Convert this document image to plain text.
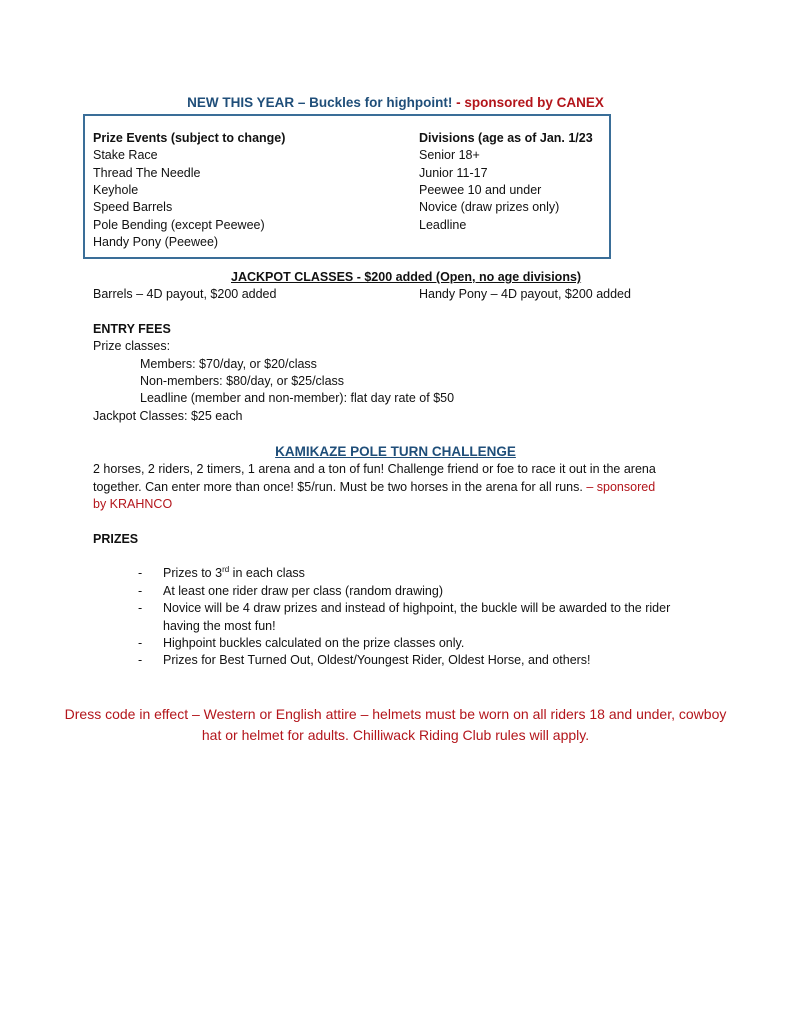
NEW THIS YEAR – Buckles for highpoint! - sponsored by CANEX
Prize Events (subject to change)
Stake Race
Thread The Needle
Keyhole
Speed Barrels
Pole Bending (except Peewee)
Handy Pony (Peewee)
Divisions (age as of Jan. 1/23
Senior 18+
Junior 11-17
Peewee 10 and under
Novice (draw prizes only)
Leadline
JACKPOT CLASSES - $200 added (Open, no age divisions)
Barrels – 4D payout, $200 added	Handy Pony – 4D payout, $200 added
ENTRY FEES
Prize classes:
Members: $70/day, or $20/class
Non-members: $80/day, or $25/class
Leadline (member and non-member): flat day rate of $50
Jackpot Classes: $25 each
KAMIKAZE POLE TURN CHALLENGE
2 horses, 2 riders, 2 timers, 1 arena and a ton of fun! Challenge friend or foe to race it out in the arena
together. Can enter more than once! $5/run. Must be two horses in the arena for all runs. – sponsored
by KRAHNCO
PRIZES
- Prizes to 3rd in each class
- At least one rider draw per class (random drawing)
- Novice will be 4 draw prizes and instead of highpoint, the buckle will be awarded to the rider
having the most fun!
- Highpoint buckles calculated on the prize classes only.
- Prizes for Best Turned Out, Oldest/Youngest Rider, Oldest Horse, and others!
Dress code in effect – Western or English attire – helmets must be worn on all riders 18 and under, cowboy hat or helmet for adults. Chilliwack Riding Club rules will apply.
